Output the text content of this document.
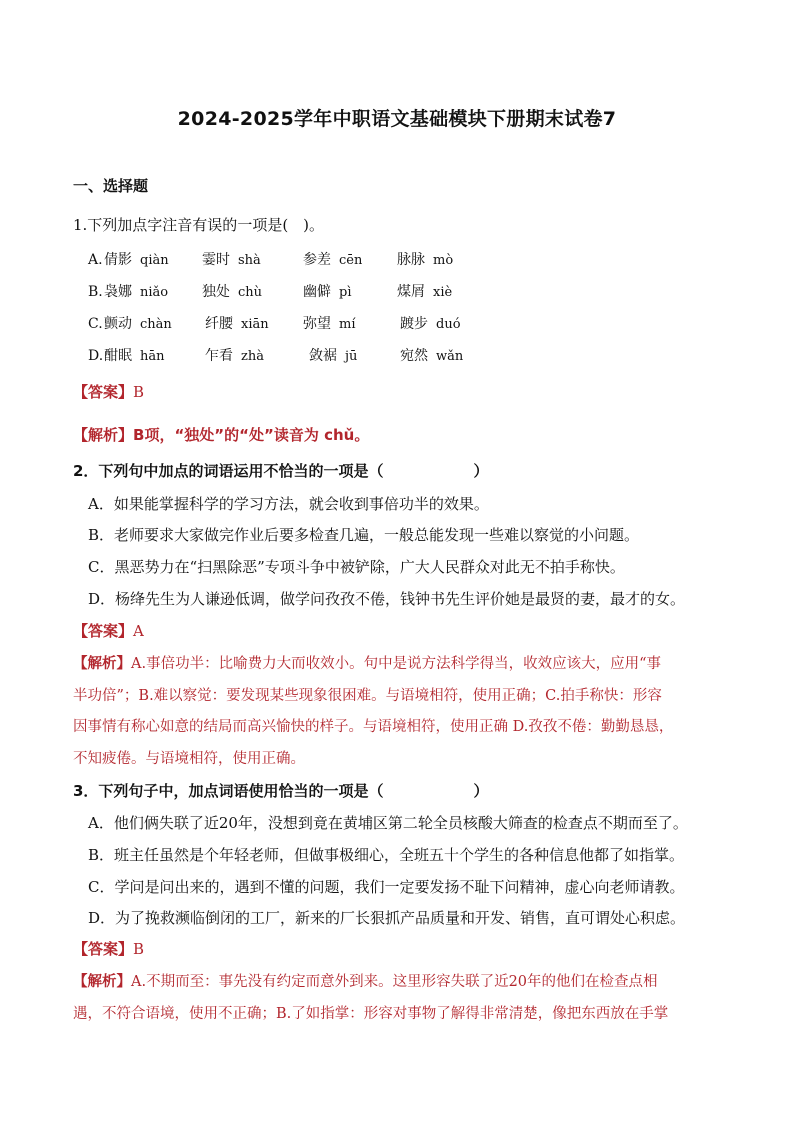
2024-2025学年中职语文基础模块下册期末试卷7
一、选择题
1.下列加点字注音有误的一项是(　)。
A. 倩影 qiàn 霎时 shà	参差 cēn 脉脉 mò
B. 袅娜 niǎo 独处 chù	幽僻 pì	煤屑 xiè
C. 颤动 chàn 纤腰 xiān 弥望 mí	踱步 duó
D. 酣眠 hān	乍看 zhà	敛裾 jū	宛然 wǎn
【答案】B
【解析】B项，“独处”的“处”读音为 chǔ。
2．下列句中加点的词语运用不恰当的一项是（　　　　　　）
A．如果能掌握科学的学习方法，就会收到事倍功半的效果。
B．老师要求大家做完作业后要多检查几遍，一般总能发现一些难以察觉的小问题。
C．黑恶势力在“扫黑除恶”专项斗争中被铲除，广大人民群众对此无不拍手称快。
D．杨绛先生为人谦逊低调，做学问孜孜不倦，钱钟书先生评价她是最贤的妻，最才的女。
【答案】A
【解析】A.事倍功半：比喻费力大而收效小。句中是说方法科学得当，收效应该大，应用“事
半功倍”；B.难以察觉：要发现某些现象很困难。与语境相符，使用正确；C.拍手称快：形容
因事情有称心如意的结局而高兴愉快的样子。与语境相符，使用正确 D.孜孜不倦：勤勤恳恳，
不知疲倦。与语境相符，使用正确。
3．下列句子中，加点词语使用恰当的一项是（　　　　　　）
A．他们俩失联了近20年，没想到竟在黄埔区第二轮全员核酸大筛查的检查点不期而至了。
B．班主任虽然是个年轻老师，但做事极细心，全班五十个学生的各种信息他都了如指掌。
C．学问是问出来的，遇到不懂的问题，我们一定要发扬不耻下问精神，虚心向老师请教。
D．为了挽救濒临倒闭的工厂，新来的厂长狠抓产品质量和开发、销售，直可谓处心积虑。
【答案】B
【解析】A.不期而至：事先没有约定而意外到来。这里形容失联了近20年的他们在检查点相
遇，不符合语境，使用不正确；B.了如指掌：形容对事物了解得非常清楚，像把东西放在手掌
